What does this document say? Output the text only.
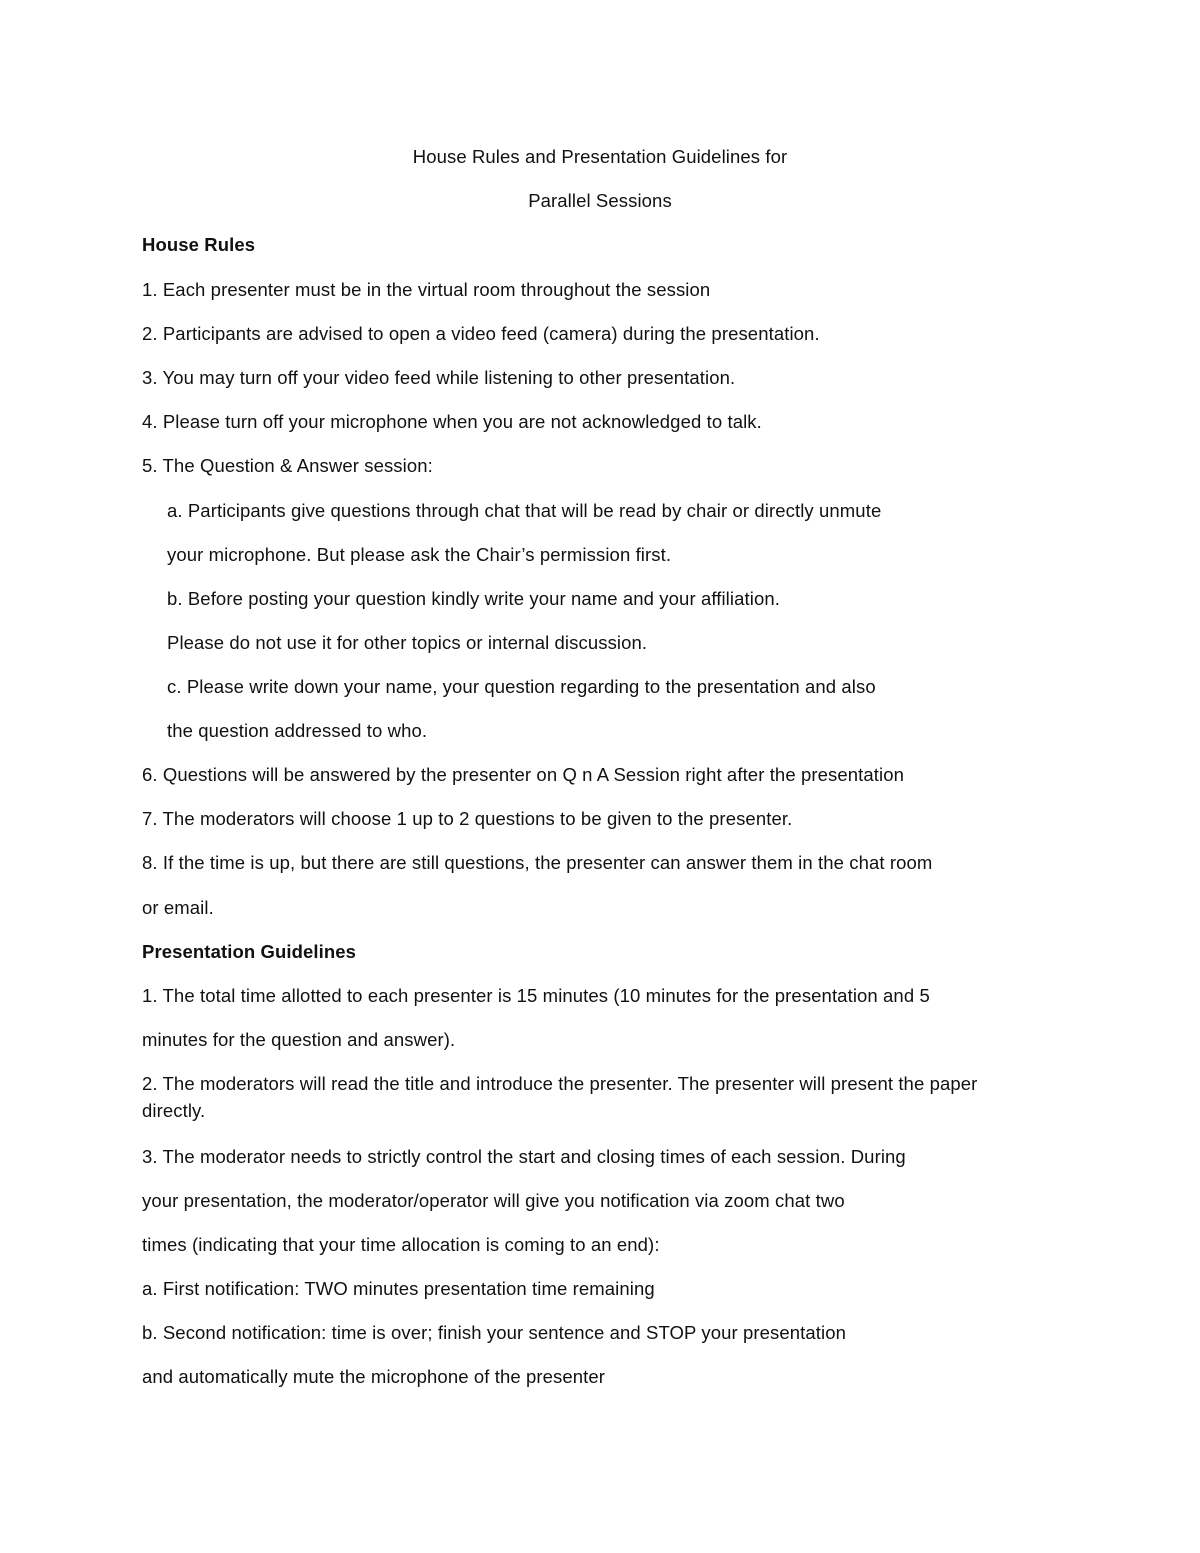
House Rules and Presentation Guidelines for
Parallel Sessions
House Rules
1. Each presenter must be in the virtual room throughout the session
2. Participants are advised to open a video feed (camera) during the presentation.
3. You may turn off your video feed while listening to other presentation.
4. Please turn off your microphone when you are not acknowledged to talk.
5. The Question & Answer session:
a. Participants give questions through chat that will be read by chair or directly unmute
your microphone. But please ask the Chair’s permission first.
b. Before posting your question kindly write your name and your affiliation.
Please do not use it for other topics or internal discussion.
c. Please write down your name, your question regarding to the presentation and also
the question addressed to who.
6. Questions will be answered by the presenter on Q n A Session right after the presentation
7. The moderators will choose 1 up to 2 questions to be given to the presenter.
8. If the time is up, but there are still questions, the presenter can answer them in the chat room
or email.
Presentation Guidelines
1. The total time allotted to each presenter is 15 minutes (10 minutes for the presentation and 5
minutes for the question and answer).
2. The moderators will read the title and introduce the presenter. The presenter will present the paper
directly.
3. The moderator needs to strictly control the start and closing times of each session. During
your presentation, the moderator/operator will give you notification via zoom chat two
times (indicating that your time allocation is coming to an end):
a. First notification: TWO minutes presentation time remaining
b. Second notification: time is over; finish your sentence and STOP your presentation
and automatically mute the microphone of the presenter
